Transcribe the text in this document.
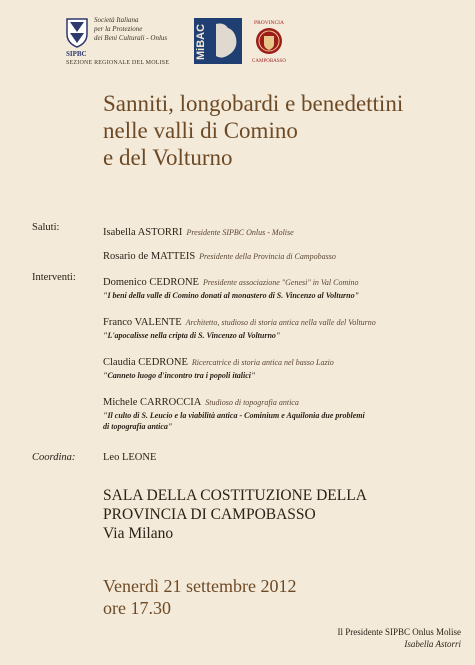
Società Italiana
per la Protezione
dei Beni Culturali - Onlus
SIPBC
SEZIONE REGIONALE DEL MOLISE
MiBAC
PROVINCIA
CAMPOBASSO
Sanniti, longobardi e benedettini
nelle valli di Comino
e del Volturno
Saluti:	Isabella ASTORRI Presidente SIPBC Onlus - Molise
Rosario de MATTEIS Presidente della Provincia di Campobasso
Interventi:	Domenico CEDRONE Presidente associazione "Genesi" in Val Comino
"I beni della valle di Comino donati al monastero di S. Vincenzo al Volturno"
Franco VALENTE Architetto, studioso di storia antica nella valle del Volturno
"L'apocalisse nella cripta di S. Vincenzo al Volturno"
Claudia CEDRONE Ricercatrice di storia antica nel basso Lazio
"Canneto luogo d'incontro tra i popoli italici"
Michele CARROCCIA Studioso di topografia antica
"Il culto di S. Leucio e la viabilità antica - Cominium e Aquilonia due problemi
di topografia antica"
Coordina:	Leo LEONE
SALA DELLA COSTITUZIONE DELLA
PROVINCIA DI CAMPOBASSO
Via Milano
Venerdì 21 settembre 2012
ore 17.30
Il Presidente SIPBC Onlus Molise
Isabella Astorri
